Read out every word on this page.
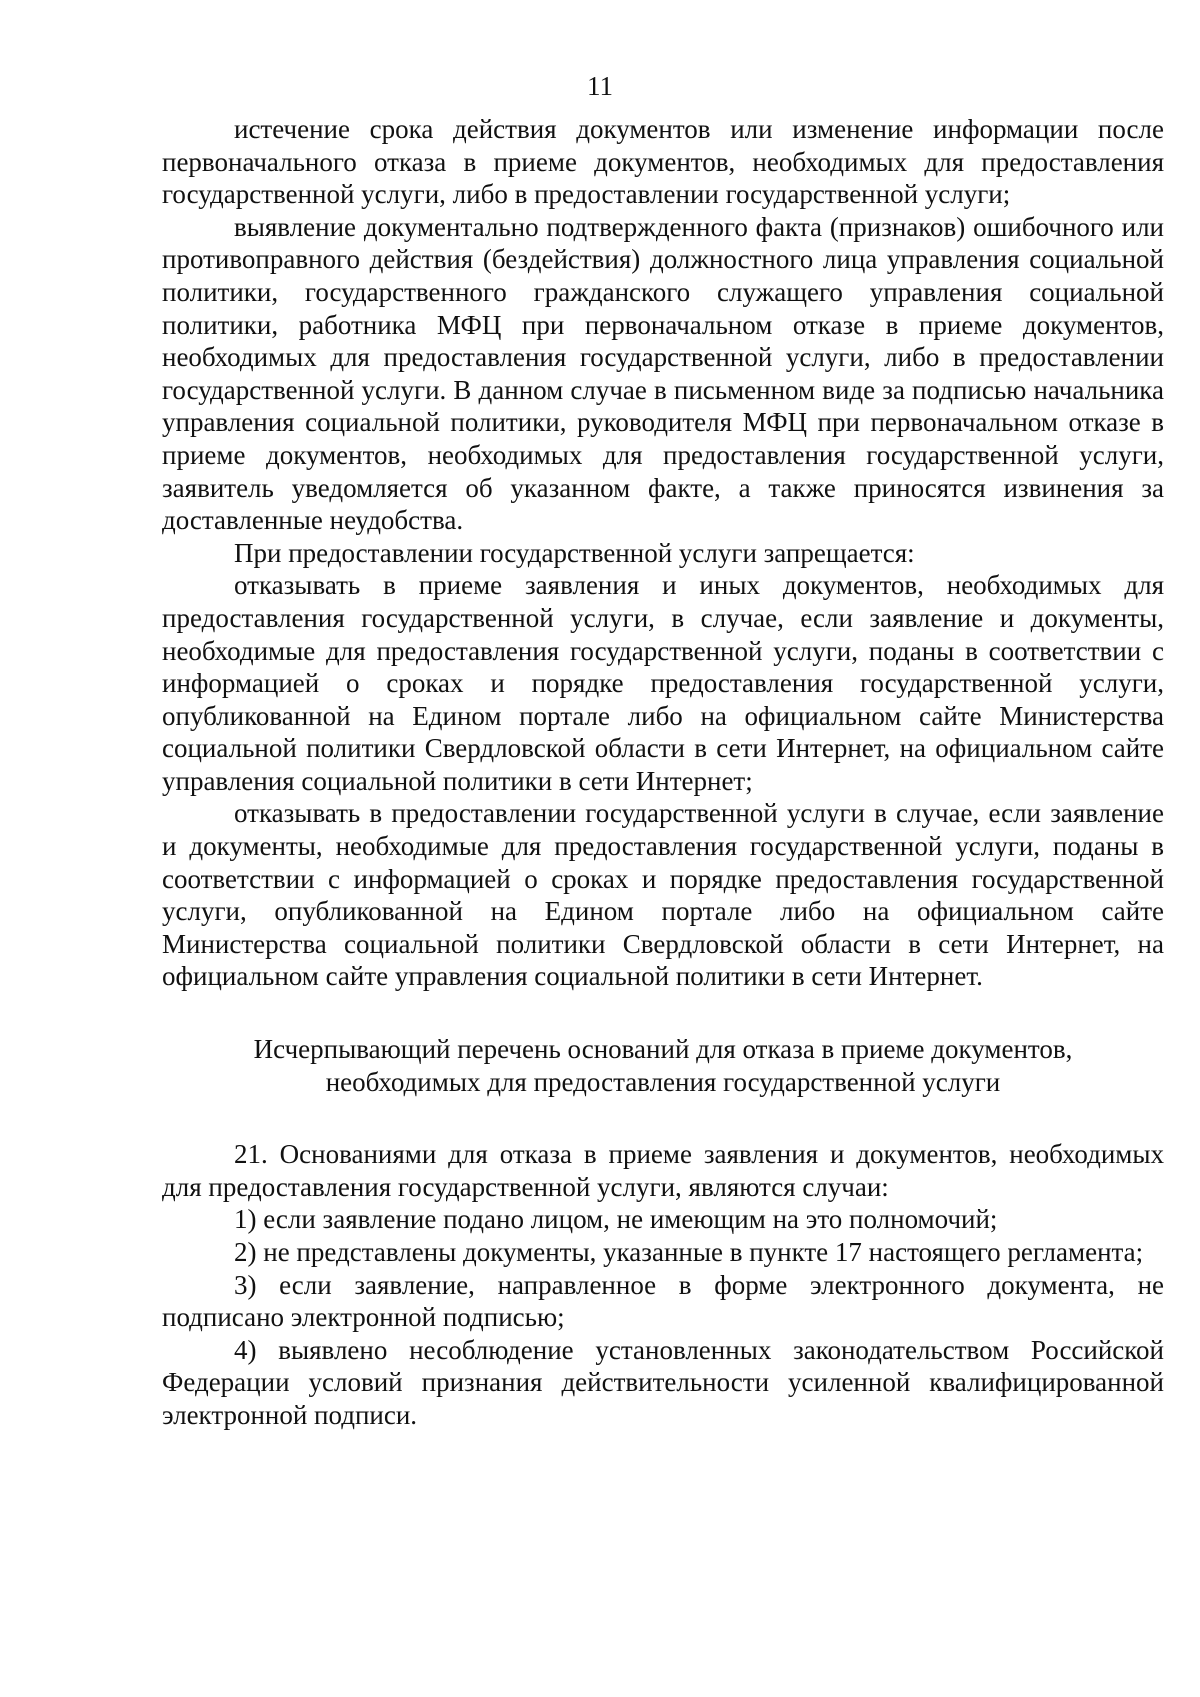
11

истечение срока действия документов или изменение информации после первоначального отказа в приеме документов, необходимых для предоставления государственной услуги, либо в предоставлении государственной услуги;

выявление документально подтвержденного факта (признаков) ошибочного или противоправного действия (бездействия) должностного лица управления социальной политики, государственного гражданского служащего управления социальной политики, работника МФЦ при первоначальном отказе в приеме документов, необходимых для предоставления государственной услуги, либо в предоставлении государственной услуги. В данном случае в письменном виде за подписью начальника управления социальной политики, руководителя МФЦ при первоначальном отказе в приеме документов, необходимых для предоставления государственной услуги, заявитель уведомляется об указанном факте, а также приносятся извинения за доставленные неудобства.

При предоставлении государственной услуги запрещается:

отказывать в приеме заявления и иных документов, необходимых для предоставления государственной услуги, в случае, если заявление и документы, необходимые для предоставления государственной услуги, поданы в соответствии с информацией о сроках и порядке предоставления государственной услуги, опубликованной на Едином портале либо на официальном сайте Министерства социальной политики Свердловской области в сети Интернет, на официальном сайте управления социальной политики в сети Интернет;

отказывать в предоставлении государственной услуги в случае, если заявление и документы, необходимые для предоставления государственной услуги, поданы в соответствии с информацией о сроках и порядке предоставления государственной услуги, опубликованной на Едином портале либо на официальном сайте Министерства социальной политики Свердловской области в сети Интернет, на официальном сайте управления социальной политики в сети Интернет.

Исчерпывающий перечень оснований для отказа в приеме документов,
необходимых для предоставления государственной услуги

21. Основаниями для отказа в приеме заявления и документов, необходимых для предоставления государственной услуги, являются случаи:

1) если заявление подано лицом, не имеющим на это полномочий;

2) не представлены документы, указанные в пункте 17 настоящего регламента;

3) если заявление, направленное в форме электронного документа, не подписано электронной подписью;

4) выявлено несоблюдение установленных законодательством Российской Федерации условий признания действительности усиленной квалифицированной электронной подписи.
